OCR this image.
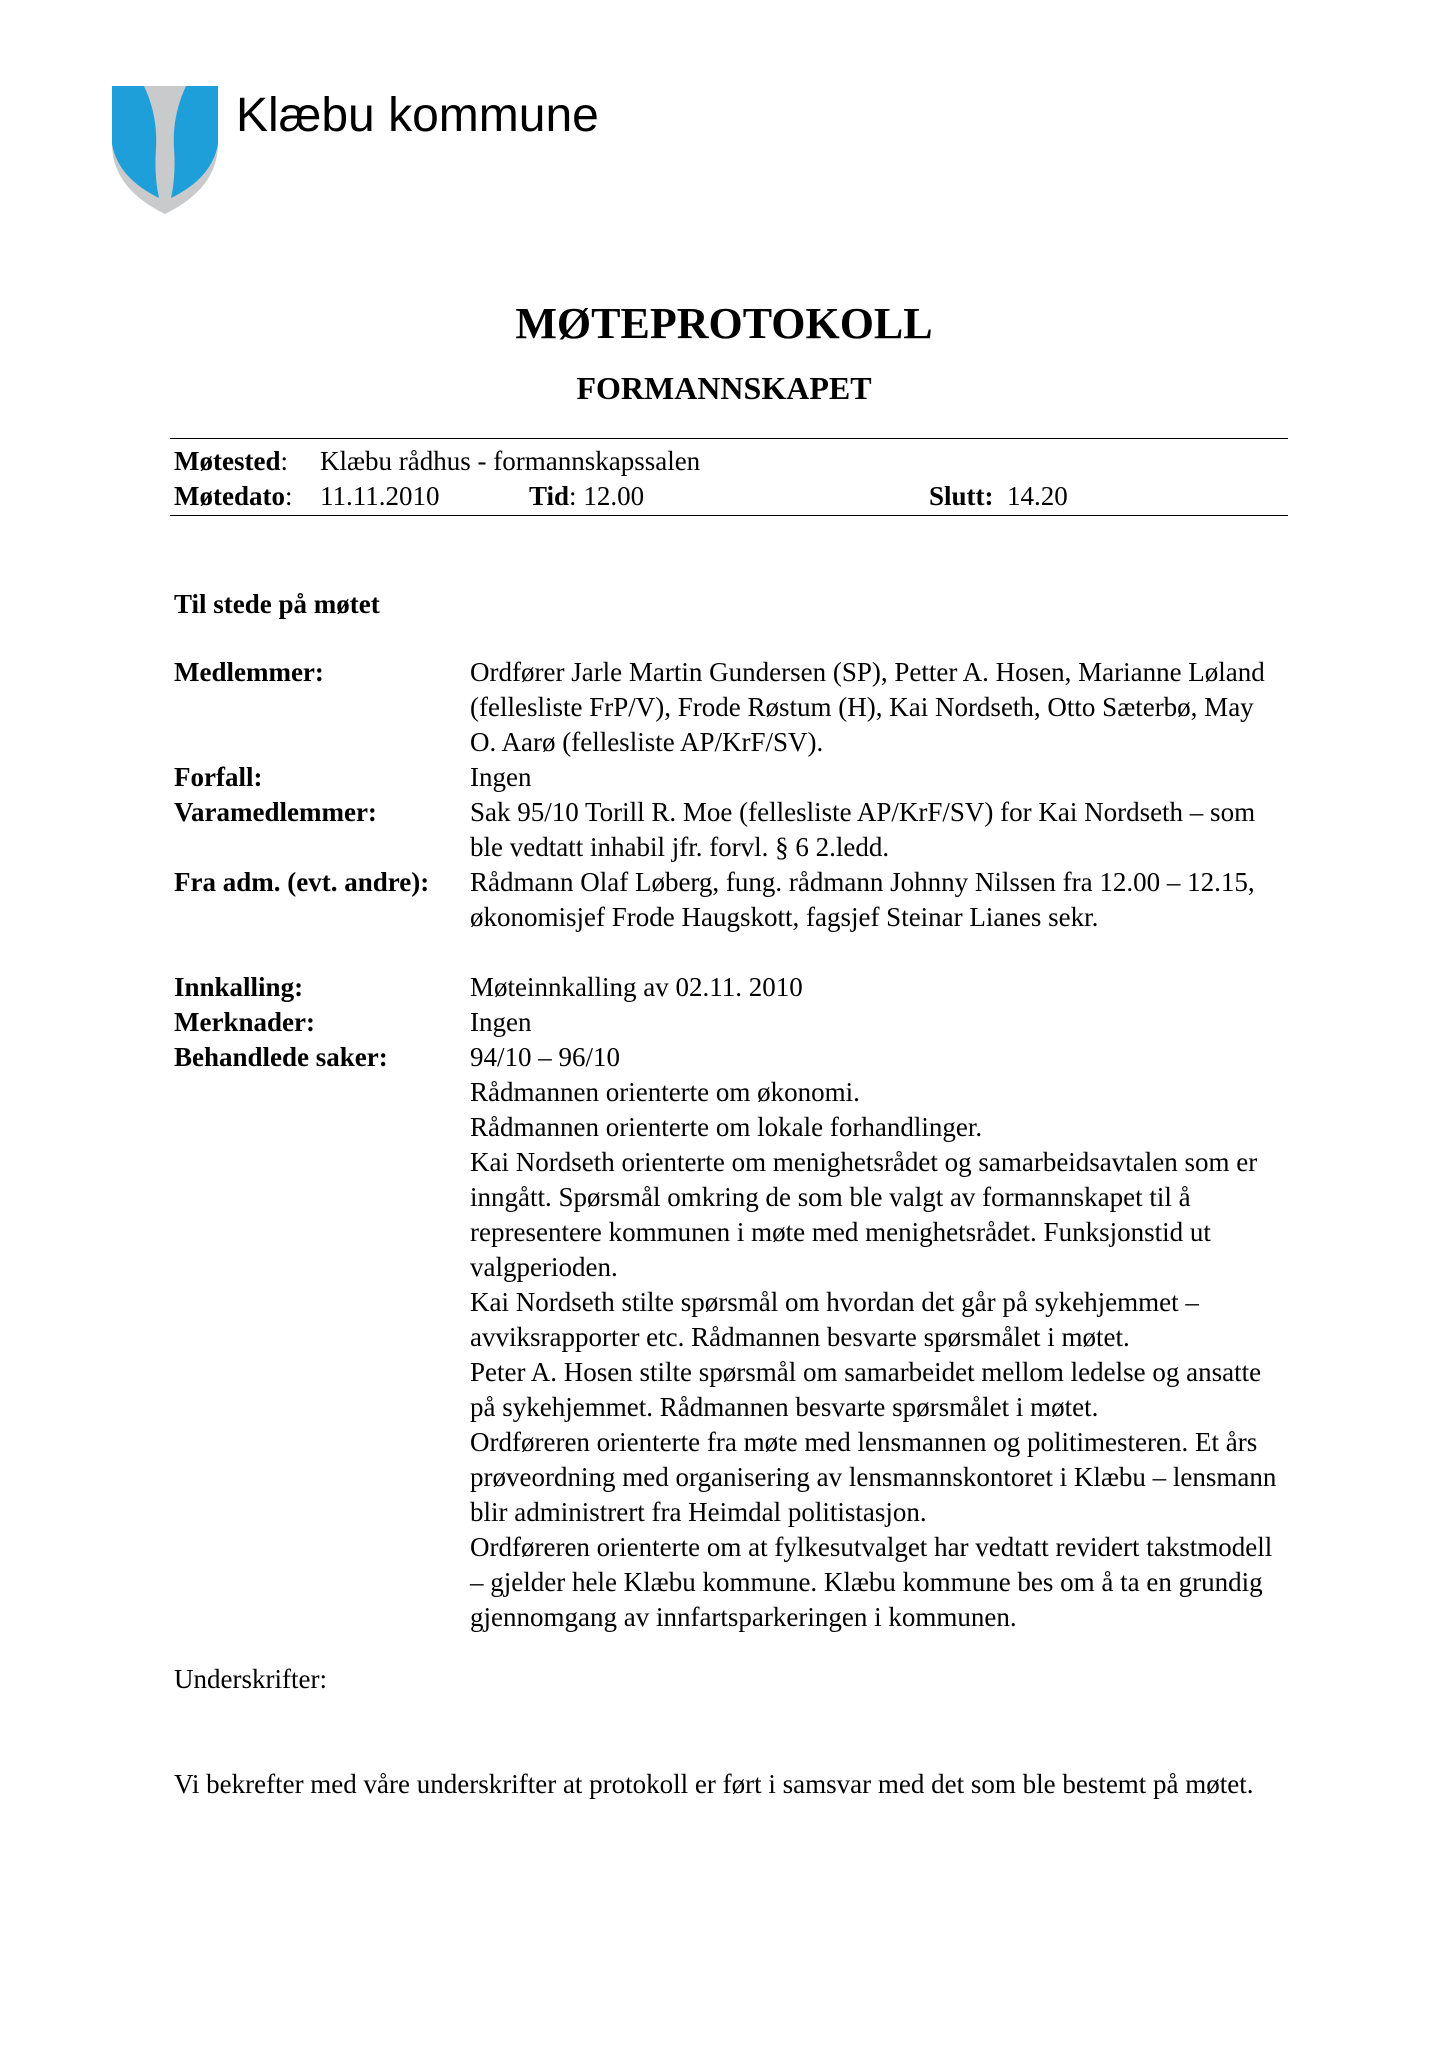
Klæbu kommune
MØTEPROTOKOLL
FORMANNSKAPET
Møtested: Klæbu rådhus - formannskapssalen
Møtedato: 11.11.2010	Tid: 12.00	Slutt: 14.20
Til stede på møtet
Medlemmer:	Ordfører Jarle Martin Gundersen (SP), Petter A. Hosen, Marianne Løland (fellesliste FrP/V), Frode Røstum (H), Kai Nordseth, Otto Sæterbø, May O. Aarø (fellesliste AP/KrF/SV).
Forfall:	Ingen
Varamedlemmer:	Sak 95/10 Torill R. Moe (fellesliste AP/KrF/SV) for Kai Nordseth – som ble vedtatt inhabil jfr. forvl. § 6 2.ledd.
Fra adm. (evt. andre):	Rådmann Olaf Løberg, fung. rådmann Johnny Nilssen fra 12.00 – 12.15, økonomisjef Frode Haugskott, fagsjef Steinar Lianes sekr.
Innkalling:	Møteinnkalling av 02.11. 2010
Merknader:	Ingen
Behandlede saker:	94/10 – 96/10
Rådmannen orienterte om økonomi.
Rådmannen orienterte om lokale forhandlinger.
Kai Nordseth orienterte om menighetsrådet og samarbeidsavtalen som er inngått. Spørsmål omkring de som ble valgt av formannskapet til å representere kommunen i møte med menighetsrådet. Funksjonstid ut valgperioden.
Kai Nordseth stilte spørsmål om hvordan det går på sykehjemmet – avviksrapporter etc. Rådmannen besvarte spørsmålet i møtet.
Peter A. Hosen stilte spørsmål om samarbeidet mellom ledelse og ansatte på sykehjemmet. Rådmannen besvarte spørsmålet i møtet.
Ordføreren orienterte fra møte med lensmannen og politimesteren. Et års prøveordning med organisering av lensmannskontoret i Klæbu – lensmann blir administrert fra Heimdal politistasjon.
Ordføreren orienterte om at fylkesutvalget har vedtatt revidert takstmodell – gjelder hele Klæbu kommune. Klæbu kommune bes om å ta en grundig gjennomgang av innfartsparkeringen i kommunen.
Underskrifter:
Vi bekrefter med våre underskrifter at protokoll er ført i samsvar med det som ble bestemt på møtet.
